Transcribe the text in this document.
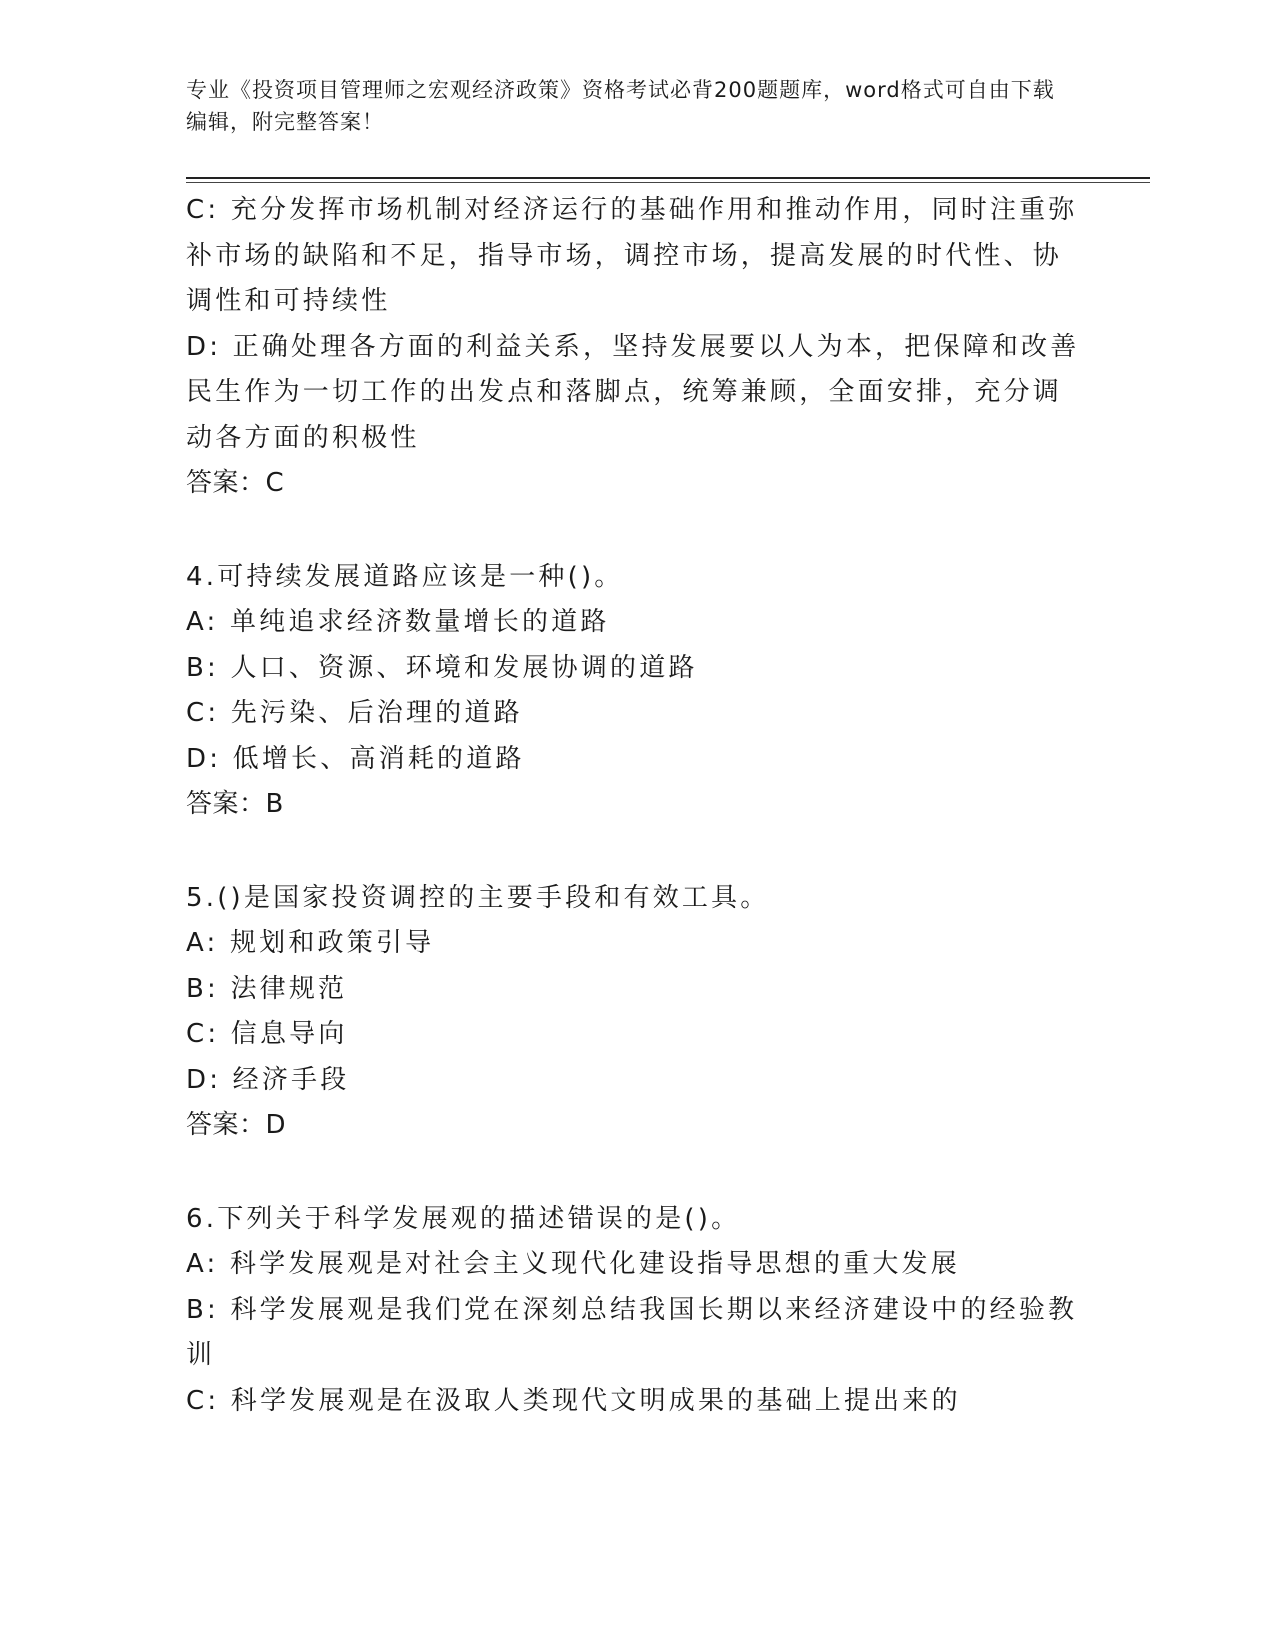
专业《投资项目管理师之宏观经济政策》资格考试必背200题题库，word格式可自由下载编辑，附完整答案！
C: 充分发挥市场机制对经济运行的基础作用和推动作用，同时注重弥
补市场的缺陷和不足，指导市场，调控市场，提高发展的时代性、协
调性和可持续性
D: 正确处理各方面的利益关系，坚持发展要以人为本，把保障和改善
民生作为一切工作的出发点和落脚点，统筹兼顾，全面安排，充分调
动各方面的积极性
答案：C
4.可持续发展道路应该是一种()。
A: 单纯追求经济数量增长的道路
B: 人口、资源、环境和发展协调的道路
C: 先污染、后治理的道路
D: 低增长、高消耗的道路
答案：B
5.()是国家投资调控的主要手段和有效工具。
A: 规划和政策引导
B: 法律规范
C: 信息导向
D: 经济手段
答案：D
6.下列关于科学发展观的描述错误的是()。
A: 科学发展观是对社会主义现代化建设指导思想的重大发展
B: 科学发展观是我们党在深刻总结我国长期以来经济建设中的经验教
训
C: 科学发展观是在汲取人类现代文明成果的基础上提出来的
